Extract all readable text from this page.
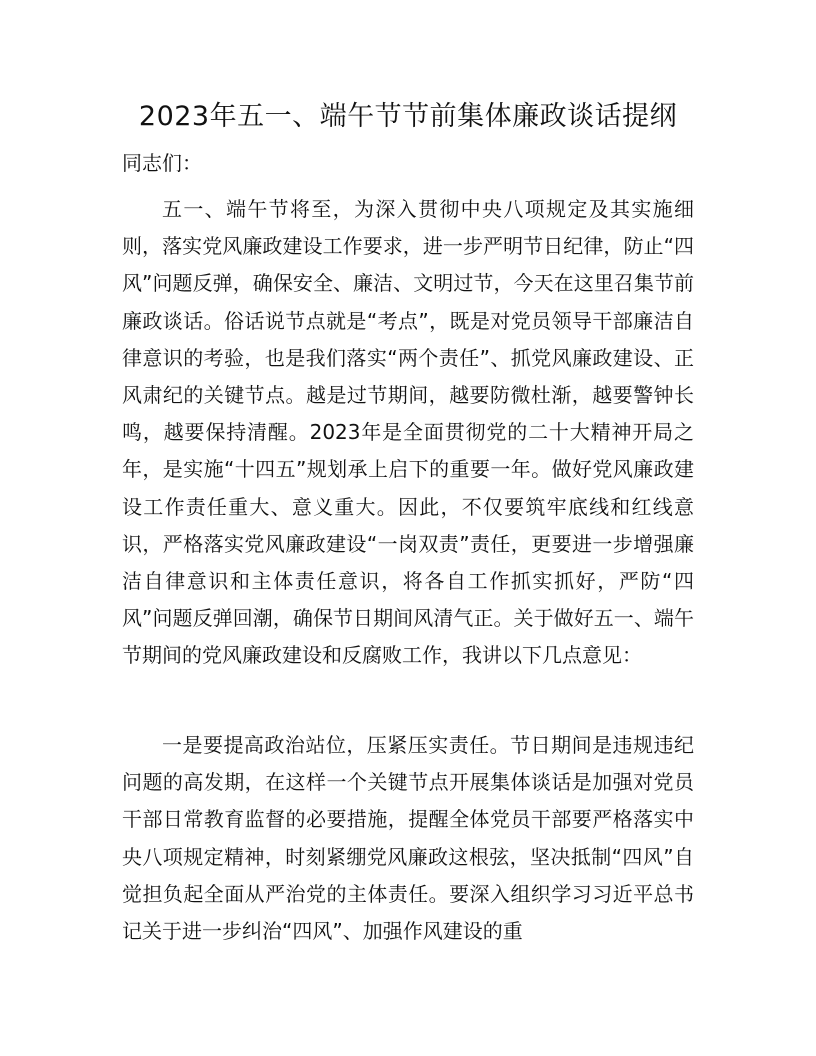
2023年五一、端午节节前集体廉政谈话提纲

同志们：

五一、端午节将至，为深入贯彻中央八项规定及其实施细则，落实党风廉政建设工作要求，进一步严明节日纪律，防止“四风”问题反弹，确保安全、廉洁、文明过节，今天在这里召集节前廉政谈话。俗话说节点就是“考点”，既是对党员领导干部廉洁自律意识的考验，也是我们落实“两个责任”、抓党风廉政建设、正风肃纪的关键节点。越是过节期间，越要防微杜渐，越要警钟长鸣，越要保持清醒。2023年是全面贯彻党的二十大精神开局之年，是实施“十四五”规划承上启下的重要一年。做好党风廉政建设工作责任重大、意义重大。因此，不仅要筑牢底线和红线意识，严格落实党风廉政建设“一岗双责”责任，更要进一步增强廉洁自律意识和主体责任意识，将各自工作抓实抓好，严防“四风”问题反弹回潮，确保节日期间风清气正。关于做好五一、端午节期间的党风廉政建设和反腐败工作，我讲以下几点意见：

一是要提高政治站位，压紧压实责任。节日期间是违规违纪问题的高发期，在这样一个关键节点开展集体谈话是加强对党员干部日常教育监督的必要措施，提醒全体党员干部要严格落实中央八项规定精神，时刻紧绷党风廉政这根弦，坚决抵制“四风”自觉担负起全面从严治党的主体责任。要深入组织学习习近平总书记关于进一步纠治“四风”、加强作风建设的重
